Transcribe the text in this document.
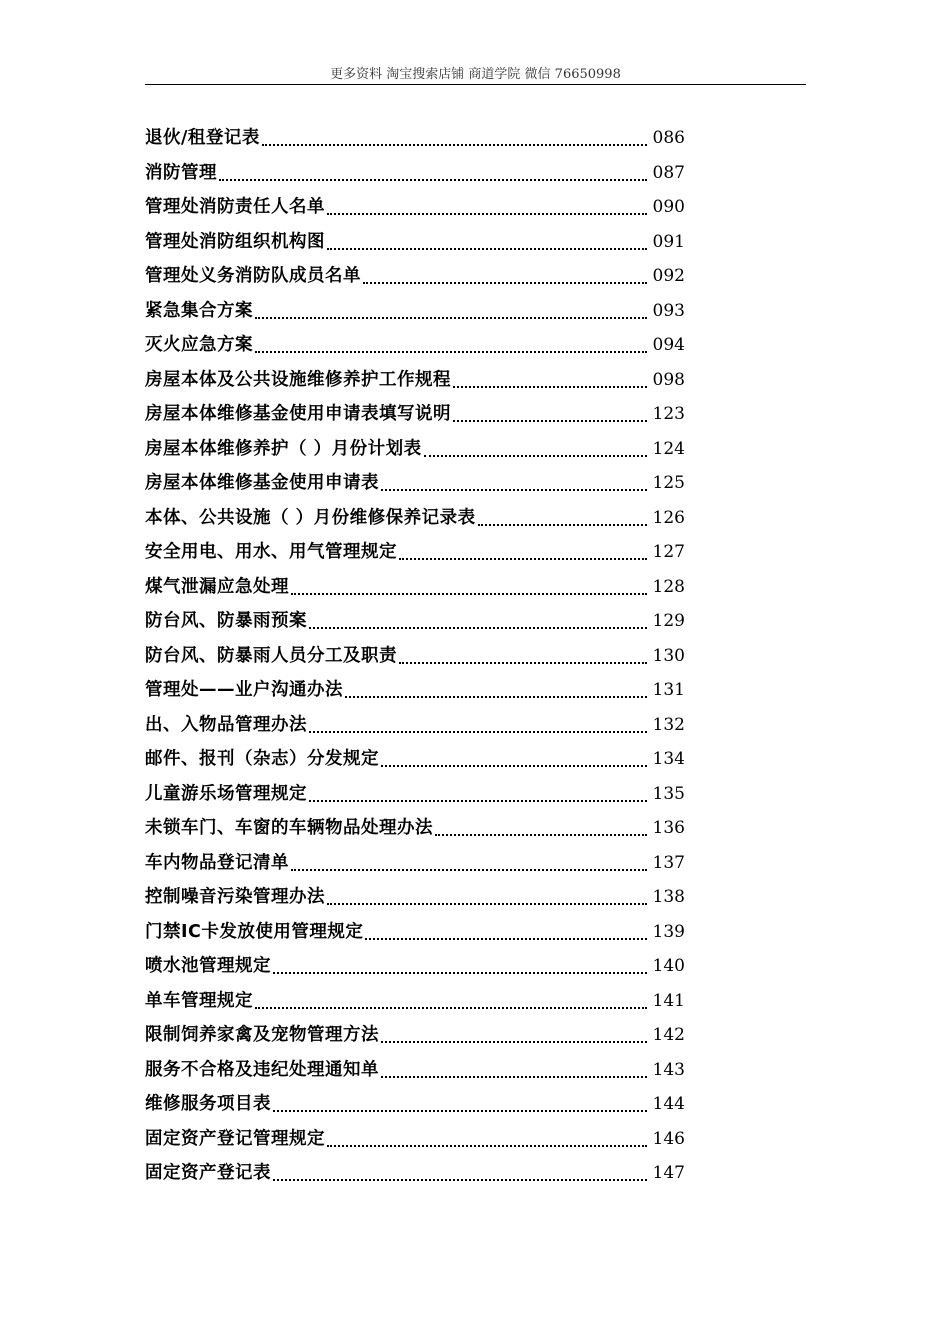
更多资料 淘宝搜索店铺 商道学院 微信 76650998
退伙/租登记表	086
消防管理	087
管理处消防责任人名单	090
管理处消防组织机构图	091
管理处义务消防队成员名单	092
紧急集合方案	093
灭火应急方案	094
房屋本体及公共设施维修养护工作规程	098
房屋本体维修基金使用申请表填写说明	123
房屋本体维修养护（ ）月份计划表	124
房屋本体维修基金使用申请表	125
本体、公共设施（ ）月份维修保养记录表	126
安全用电、用水、用气管理规定	127
煤气泄漏应急处理	128
防台风、防暴雨预案	129
防台风、防暴雨人员分工及职责	130
管理处——业户沟通办法	131
出、入物品管理办法	132
邮件、报刊（杂志）分发规定	134
儿童游乐场管理规定	135
未锁车门、车窗的车辆物品处理办法	136
车内物品登记清单	137
控制噪音污染管理办法	138
门禁IC卡发放使用管理规定	139
喷水池管理规定	140
单车管理规定	141
限制饲养家禽及宠物管理方法	142
服务不合格及违纪处理通知单	143
维修服务项目表	144
固定资产登记管理规定	146
固定资产登记表	147
